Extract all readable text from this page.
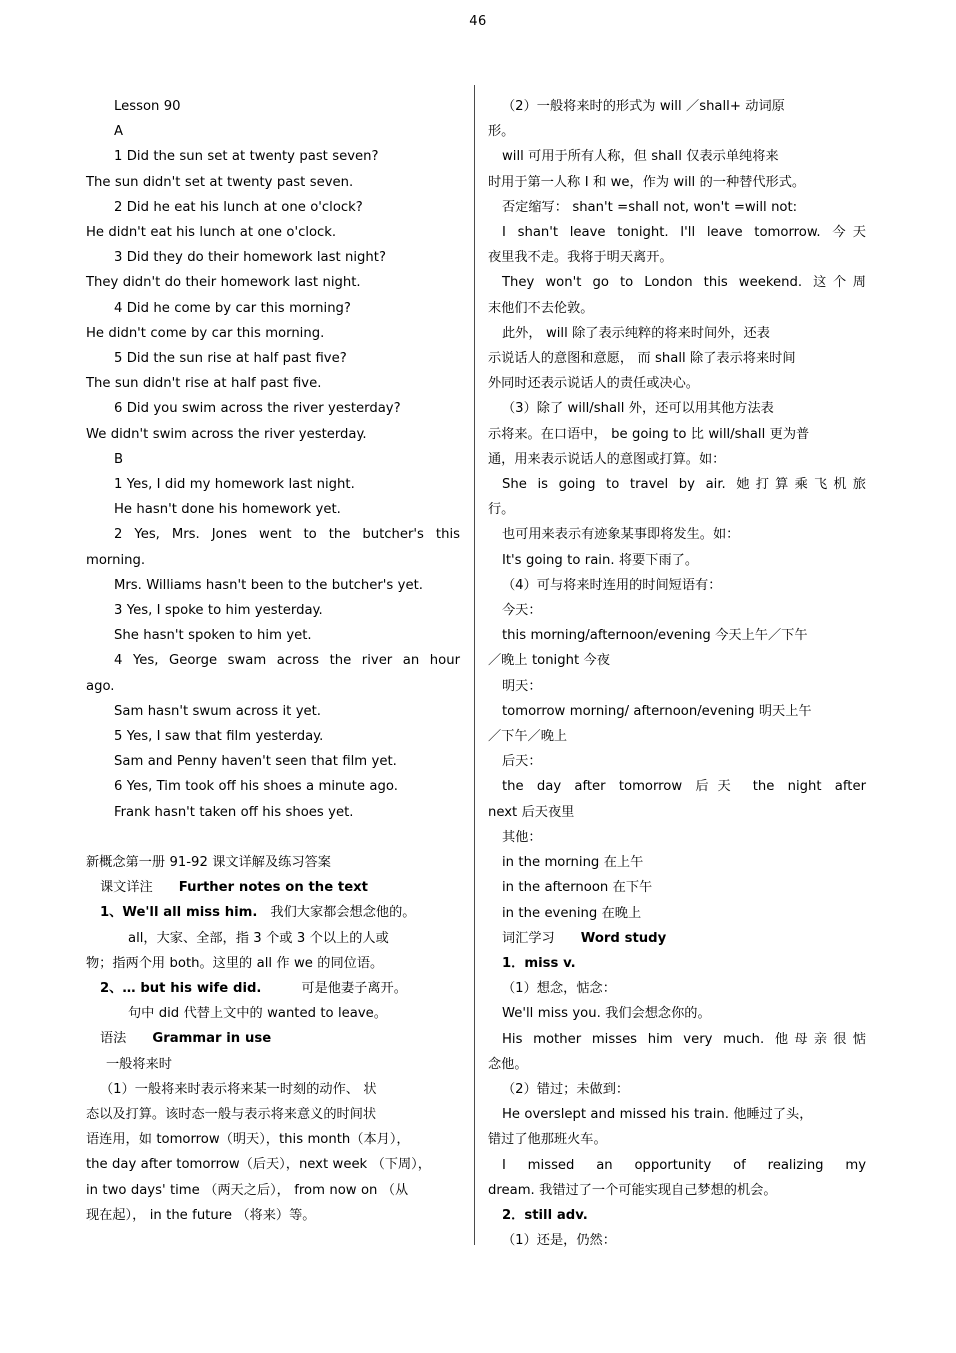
46
Lesson 90
A
1 Did the sun set at twenty past seven?
The sun didn't set at twenty past seven.
2 Did he eat his lunch at one o'clock?
He didn't eat his lunch at one o'clock.
3 Did they do their homework last night?
They didn't do their homework last night.
4 Did he come by car this morning?
He didn't come by car this morning.
5 Did the sun rise at half past five?
The sun didn't rise at half past five.
6 Did you swim across the river yesterday?
We didn't swim across the river yesterday.
B
1 Yes, I did my homework last night.
He hasn't done his homework yet.
2 Yes, Mrs. Jones went to the butcher's this
morning.
Mrs. Williams hasn't been to the butcher's yet.
3 Yes, I spoke to him yesterday.
She hasn't spoken to him yet.
4 Yes, George swam across the river an hour
ago.
Sam hasn't swum across it yet.
5 Yes, I saw that film yesterday.
Sam and Penny haven't seen that film yet.
6 Yes, Tim took off his shoes a minute ago.
Frank hasn't taken off his shoes yet.
新概念第一册 91-92 课文详解及练习答案
课文详注 Further notes on the text
1、We'll all miss him. 我们大家都会想念他的。
all，大家、全部，指 3 个或 3 个以上的人或
物；指两个用 both。这里的 all 作 we 的同位语。
2、… but his wife did.	可是他妻子离开。
句中 did 代替上文中的 wanted to leave。
语法 Grammar in use
一般将来时
（1）一般将来时表示将来某一时刻的动作、 状
态以及打算。该时态一般与表示将来意义的时间状
语连用，如 tomorrow（明天），this month（本月），
the day after tomorrow（后天），next week （下周），
in two days' time （两天之后）， from now on （从
现在起）， in the future （将来）等。
（2）一般将来时的形式为 will ／shall+ 动词原
形。
will 可用于所有人称，但 shall 仅表示单纯将来
时用于第一人称 I 和 we，作为 will 的一种替代形式。
否定缩写： shan't =shall not, won't =will not:
I shan't leave tonight. I'll leave tomorrow. 今天
夜里我不走。我将于明天离开。
They won't go to London this weekend. 这个周
末他们不去伦敦。
此外， will 除了表示纯粹的将来时间外，还表
示说话人的意图和意愿， 而 shall 除了表示将来时间
外同时还表示说话人的责任或决心。
（3）除了 will/shall 外，还可以用其他方法表
示将来。在口语中， be going to 比 will/shall 更为普
通，用来表示说话人的意图或打算。如：
She is going to travel by air. 她打算乘飞机旅
行。
也可用来表示有迹象某事即将发生。如：
It's going to rain. 将要下雨了。
（4）可与将来时连用的时间短语有：
今天：
this morning/afternoon/evening 今天上午／下午
／晚上 tonight 今夜
明天：
tomorrow morning/ afternoon/evening 明天上午
／下午／晚上
后天：
the day after tomorrow 后天 the night after
next 后天夜里
其他：
in the morning 在上午
in the afternoon 在下午
in the evening 在晚上
词汇学习 Word study
1．miss v.
（1）想念，惦念：
We'll miss you. 我们会想念你的。
His mother misses him very much. 他母亲很惦
念他。
（2）错过；未做到：
He overslept and missed his train. 他睡过了头，
错过了他那班火车。
I missed an opportunity of realizing my
dream. 我错过了一个可能实现自己梦想的机会。
2．still adv.
（1）还是，仍然：
